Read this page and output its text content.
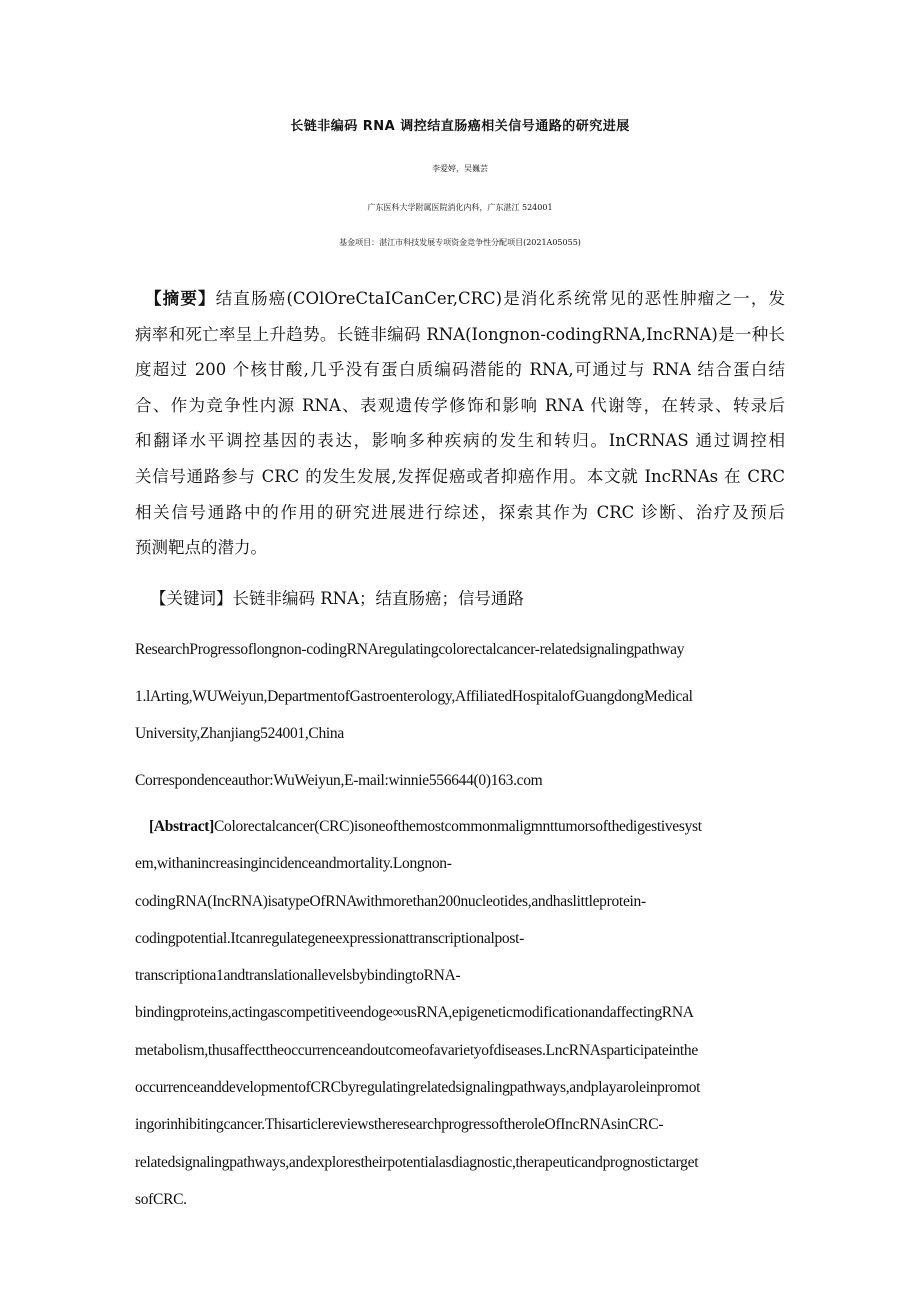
长链非编码 RNA 调控结直肠癌相关信号通路的研究进展
李爱婷，吴巍芸
广东医科大学附属医院消化内科，广东湛江 524001
基金项目：湛江市科技发展专项资金竞争性分配项目(2021A05055)
【摘要】结直肠癌(COlOreCtaICanCer,CRC)是消化系统常见的恶性肿瘤之一，发
病率和死亡率呈上升趋势。长链非编码 RNA(Iongnon-codingRNA,IncRNA)是一种长
度超过 200 个核甘酸,几乎没有蛋白质编码潜能的 RNA,可通过与 RNA 结合蛋白结
合、作为竞争性内源 RNA、表观遗传学修饰和影响 RNA 代谢等，在转录、转录后
和翻译水平调控基因的表达，影响多种疾病的发生和转归。InCRNAS 通过调控相
关信号通路参与 CRC 的发生发展,发挥促癌或者抑癌作用。本文就 IncRNAs 在 CRC
相关信号通路中的作用的研究进展进行综述，探索其作为 CRC 诊断、治疗及预后
预测靶点的潜力。
【关键词】长链非编码 RNA；结直肠癌；信号通路
ResearchProgressoflongnon-codingRNAregulatingcolorectalcancer-relatedsignalingpathway
1.lArting,WUWeiyun,DepartmentofGastroenterology,AffiliatedHospitalofGuangdongMedical
University,Zhanjiang524001,China
Correspondenceauthor:WuWeiyun,E-mail:winnie556644(0)163.com
[Abstract]Colorectalcancer(CRC)isoneofthemostcommonmaligmnttumorsofthedigestivesyst
em,withanincreasingincidenceandmortality.Longnon-
codingRNA(IncRNA)isatypeOfRNAwithmorethan200nucleotides,andhaslittleprotein-
codingpotential.Itcanregulategeneexpressionattranscriptionalpost-
transcriptiona1andtranslationallevelsbybindingtoRNA-
bindingproteins,actingascompetitiveendoge∞usRNA,epigeneticmodificationandaffectingRNA
metabolism,thusaffecttheoccurrenceandoutcomeofavarietyofdiseases.LncRNAsparticipateinthe
occurrenceanddevelopmentofCRCbyregulatingrelatedsignalingpathways,andplayaroleinpromot
ingorinhibitingcancer.ThisarticlereviewstheresearchprogressoftheroleOfIncRNAsinCRC-
relatedsignalingpathways,andexplorestheirpotentialasdiagnostic,therapeuticandprognostictarget
sofCRC.
